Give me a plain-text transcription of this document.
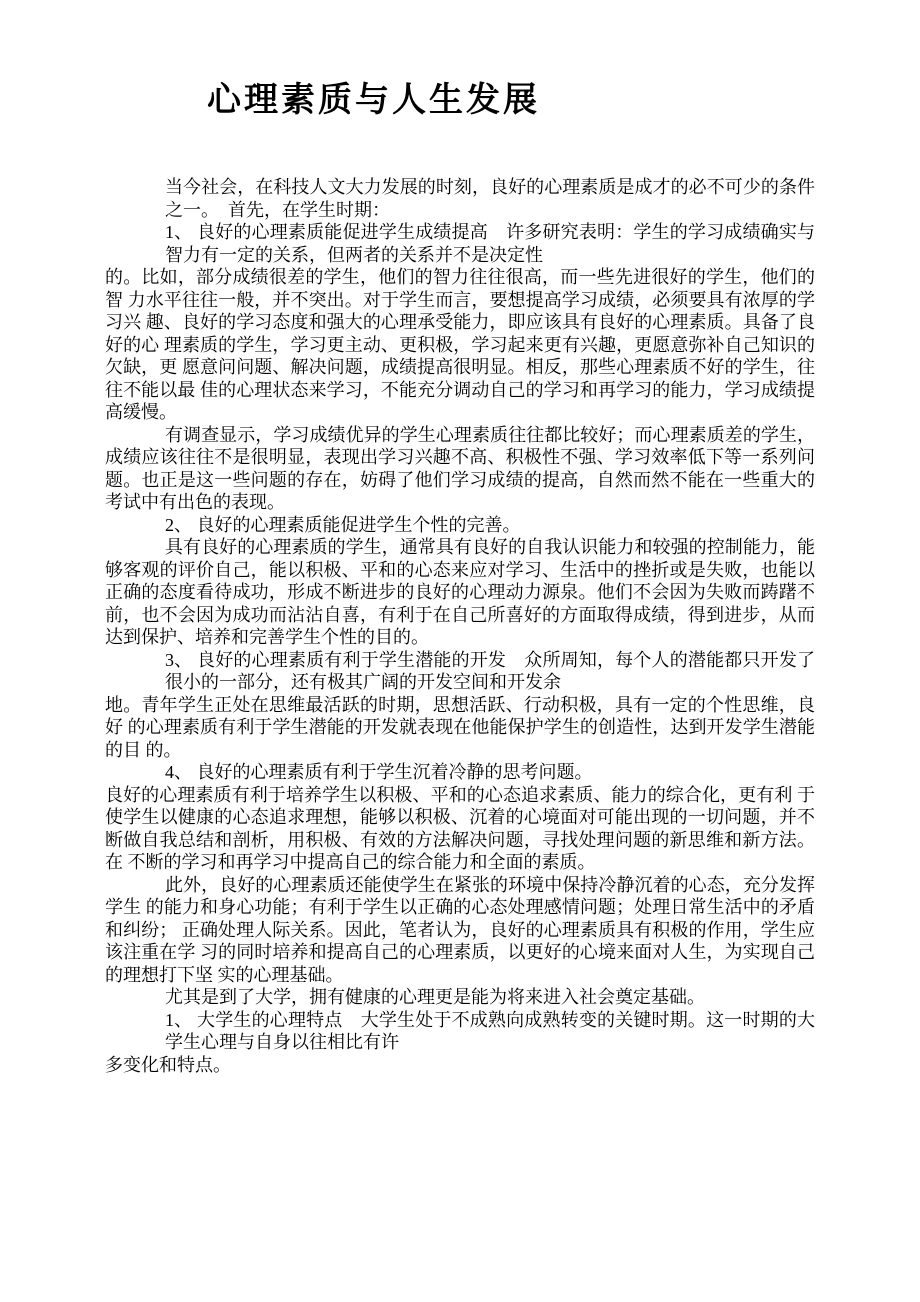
心理素质与人生发展

当今社会，在科技人文大力发展的时刻，良好的心理素质是成才的必不可少的条件之一。　首先，在学生时期：

1、 良好的心理素质能促进学生成绩提高　许多研究表明：学生的学习成绩确实与智力有一定的关系，但两者的关系并不是决定性

的。比如，部分成绩很差的学生，他们的智力往往很高，而一些先进很好的学生，他们的智 力水平往往一般，并不突出。对于学生而言，要想提高学习成绩，必须要具有浓厚的学习兴 趣、良好的学习态度和强大的心理承受能力，即应该具有良好的心理素质。具备了良好的心 理素质的学生，学习更主动、更积极，学习起来更有兴趣，更愿意弥补自己知识的欠缺，更 愿意问问题、解决问题，成绩提高很明显。相反，那些心理素质不好的学生，往往不能以最 佳的心理状态来学习，不能充分调动自己的学习和再学习的能力，学习成绩提高缓慢。

有调查显示，学习成绩优异的学生心理素质往往都比较好；而心理素质差的学生，成绩应该往往不是很明显，表现出学习兴趣不高、积极性不强、学习效率低下等一系列问题。也正是这一些问题的存在，妨碍了他们学习成绩的提高，自然而然不能在一些重大的考试中有出色的表现。

2、 良好的心理素质能促进学生个性的完善。

具有良好的心理素质的学生，通常具有良好的自我认识能力和较强的控制能力，能够客观的评价自己，能以积极、平和的心态来应对学习、生活中的挫折或是失败，也能以正确的态度看待成功，形成不断进步的良好的心理动力源泉。他们不会因为失败而踌躇不前，也不会因为成功而沾沾自喜，有利于在自己所喜好的方面取得成绩，得到进步，从而达到保护、培养和完善学生个性的目的。

3、 良好的心理素质有利于学生潜能的开发　众所周知，每个人的潜能都只开发了很小的一部分，还有极其广阔的开发空间和开发余

地。青年学生正处在思维最活跃的时期，思想活跃、行动积极，具有一定的个性思维，良好 的心理素质有利于学生潜能的开发就表现在他能保护学生的创造性，达到开发学生潜能的目 的。

4、 良好的心理素质有利于学生沉着冷静的思考问题。

良好的心理素质有利于培养学生以积极、平和的心态追求素质、能力的综合化，更有利 于使学生以健康的心态追求理想，能够以积极、沉着的心境面对可能出现的一切问题，并不 断做自我总结和剖析，用积极、有效的方法解决问题，寻找处理问题的新思维和新方法。在 不断的学习和再学习中提高自己的综合能力和全面的素质。

此外，良好的心理素质还能使学生在紧张的环境中保持冷静沉着的心态，充分发挥学生 的能力和身心功能；有利于学生以正确的心态处理感情问题；处理日常生活中的矛盾和纠纷； 正确处理人际关系。因此，笔者认为，良好的心理素质具有积极的作用，学生应该注重在学 习的同时培养和提高自己的心理素质，以更好的心境来面对人生，为实现自己的理想打下坚 实的心理基础。

尤其是到了大学，拥有健康的心理更是能为将来进入社会奠定基础。

1、 大学生的心理特点　大学生处于不成熟向成熟转变的关键时期。这一时期的大学生心理与自身以往相比有许

多变化和特点。
